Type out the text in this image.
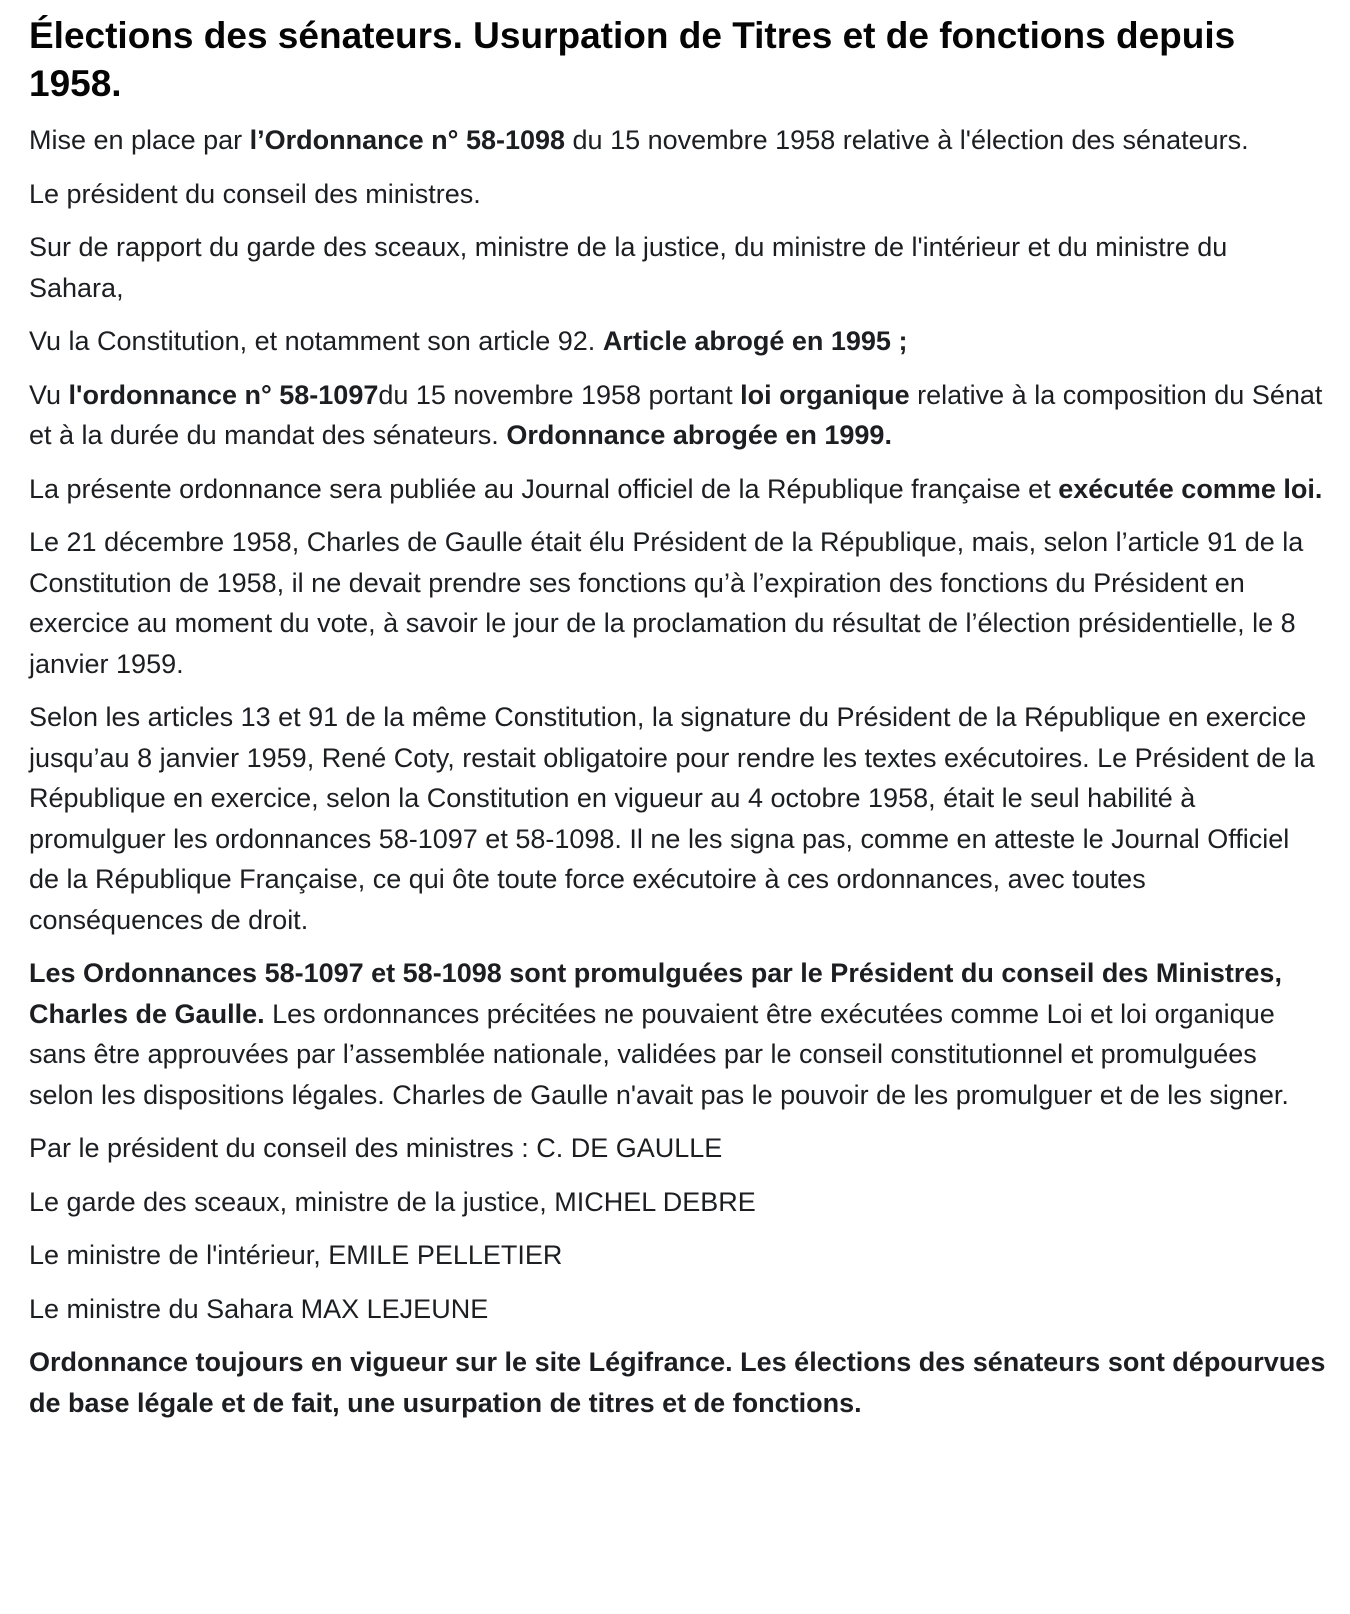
Élections des sénateurs. Usurpation de Titres et de fonctions depuis 1958.

Mise en place par l’Ordonnance n° 58-1098 du 15 novembre 1958 relative à l'élection des sénateurs.

Le président du conseil des ministres.

Sur de rapport du garde des sceaux, ministre de la justice, du ministre de l'intérieur et du ministre du Sahara,

Vu la Constitution, et notamment son article 92. Article abrogé en 1995 ;

Vu l'ordonnance n° 58-1097du 15 novembre 1958 portant loi organique relative à la composition du Sénat et à la durée du mandat des sénateurs. Ordonnance abrogée en 1999.

La présente ordonnance sera publiée au Journal officiel de la République française et exécutée comme loi.

Le 21 décembre 1958, Charles de Gaulle était élu Président de la République, mais, selon l’article 91 de la Constitution de 1958, il ne devait prendre ses fonctions qu’à l’expiration des fonctions du Président en exercice au moment du vote, à savoir le jour de la proclamation du résultat de l’élection présidentielle, le 8 janvier 1959.

Selon les articles 13 et 91 de la même Constitution, la signature du Président de la République en exercice jusqu’au 8 janvier 1959, René Coty, restait obligatoire pour rendre les textes exécutoires. Le Président de la République en exercice, selon la Constitution en vigueur au 4 octobre 1958, était le seul habilité à promulguer les ordonnances 58-1097 et 58-1098. Il ne les signa pas, comme en atteste le Journal Officiel de la République Française, ce qui ôte toute force exécutoire à ces ordonnances, avec toutes conséquences de droit.

Les Ordonnances 58-1097 et 58-1098 sont promulguées par le Président du conseil des Ministres, Charles de Gaulle. Les ordonnances précitées ne pouvaient être exécutées comme Loi et loi organique sans être approuvées par l’assemblée nationale, validées par le conseil constitutionnel et promulguées selon les dispositions légales. Charles de Gaulle n'avait pas le pouvoir de les promulguer et de les signer.

Par le président du conseil des ministres : C. DE GAULLE

Le garde des sceaux, ministre de la justice, MICHEL DEBRE

Le ministre de l'intérieur, EMILE PELLETIER

Le ministre du Sahara MAX LEJEUNE

Ordonnance toujours en vigueur sur le site Légifrance. Les élections des sénateurs sont dépourvues de base légale et de fait, une usurpation de titres et de fonctions.
